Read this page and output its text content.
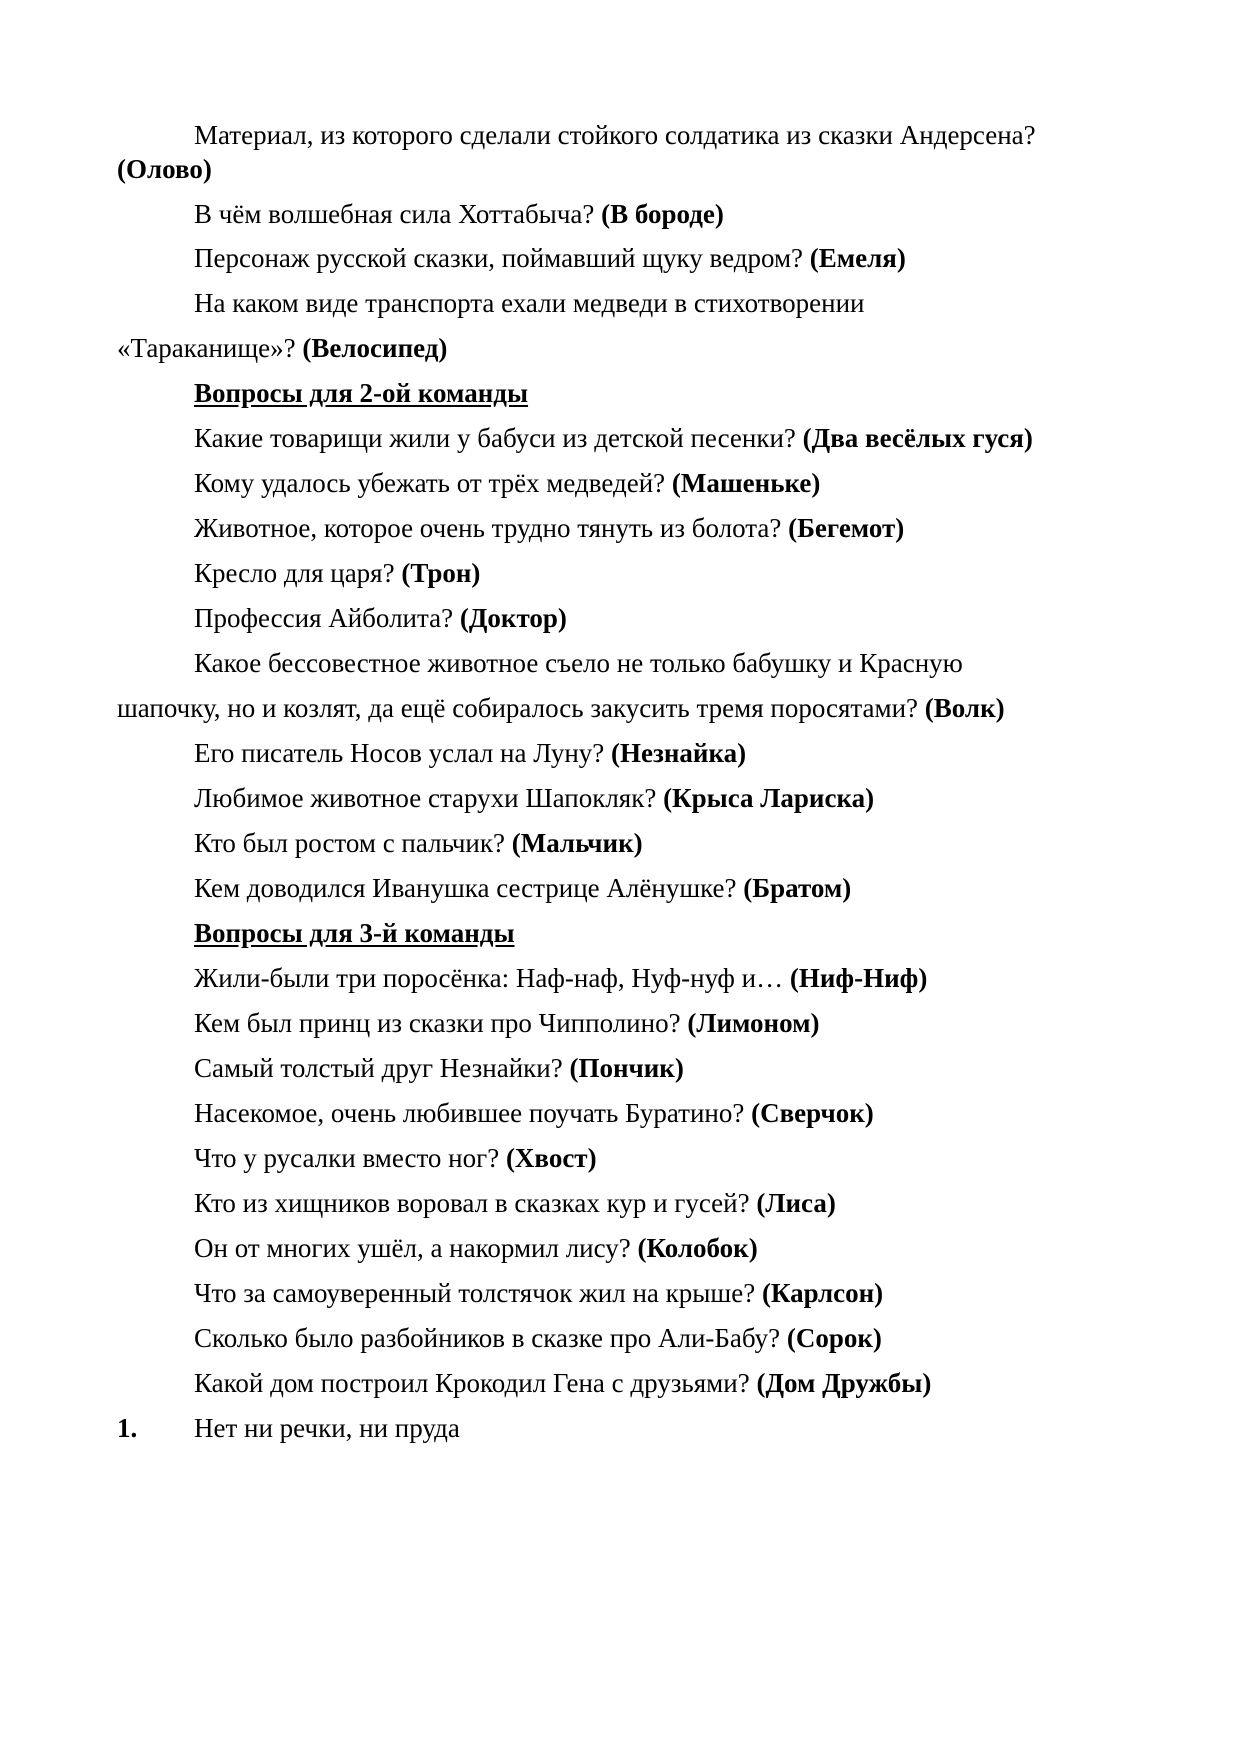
Материал, из которого сделали стойкого солдатика из сказки Андерсена?
(Олово)
В чём волшебная сила Хоттабыча? (В бороде)
Персонаж русской сказки, поймавший щуку ведром? (Емеля)
На каком виде транспорта ехали медведи в стихотворении
«Тараканище»? (Велосипед)
Вопросы для 2-ой команды
Какие товарищи жили у бабуси из детской песенки? (Два весёлых гуся)
Кому удалось убежать от трёх медведей? (Машеньке)
Животное, которое очень трудно тянуть из болота? (Бегемот)
Кресло для царя? (Трон)
Профессия Айболита? (Доктор)
Какое бессовестное животное съело не только бабушку и Красную
шапочку, но и козлят, да ещё собиралось закусить тремя поросятами? (Волк)
Его писатель Носов услал на Луну? (Незнайка)
Любимое животное старухи Шапокляк? (Крыса Лариска)
Кто был ростом с пальчик? (Мальчик)
Кем доводился Иванушка сестрице Алёнушке? (Братом)
Вопросы для 3-й команды
Жили-были три поросёнка: Наф-наф, Нуф-нуф и… (Ниф-Ниф)
Кем был принц из сказки про Чипполино? (Лимоном)
Самый толстый друг Незнайки? (Пончик)
Насекомое, очень любившее поучать Буратино? (Сверчок)
Что у русалки вместо ног? (Хвост)
Кто из хищников воровал в сказках кур и гусей? (Лиса)
Он от многих ушёл, а накормил лису? (Колобок)
Что за самоуверенный толстячок жил на крыше? (Карлсон)
Сколько было разбойников в сказке про Али-Бабу? (Сорок)
Какой дом построил Крокодил Гена с друзьями? (Дом Дружбы)
1. Нет ни речки, ни пруда
